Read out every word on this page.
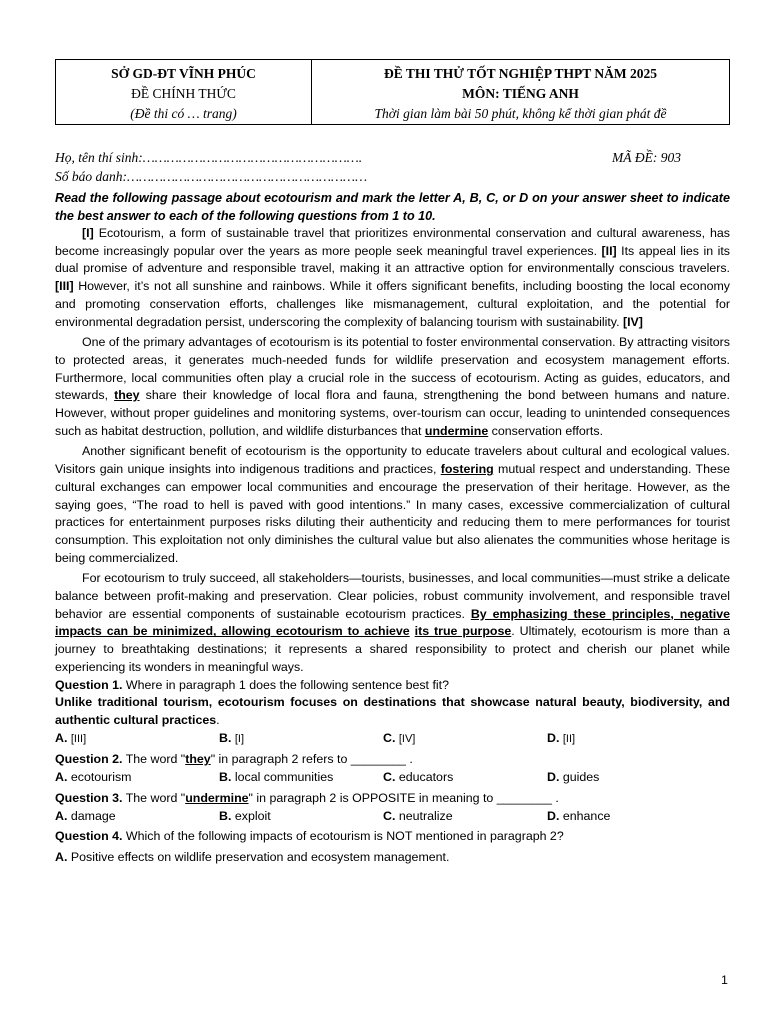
SỞ GD-ĐT VĨNH PHÚC
ĐỀ CHÍNH THỨC
(Đề thi có … trang)
ĐỀ THI THỬ TỐT NGHIỆP THPT NĂM 2025
MÔN: TIẾNG ANH
Thời gian làm bài 50 phút, không kể thời gian phát đề
Họ, tên thí sinh:……………………………………………….	MÃ ĐỀ: 903
Số báo danh:……………………………………………………

Read the following passage about ecotourism and mark the letter A, B, C, or D on your answer sheet to indicate the best answer to each of the following questions from 1 to 10.

[I] Ecotourism, a form of sustainable travel that prioritizes environmental conservation and cultural awareness, has become increasingly popular over the years as more people seek meaningful travel experiences. [II] Its appeal lies in its dual promise of adventure and responsible travel, making it an attractive option for environmentally conscious travelers. [III] However, it’s not all sunshine and rainbows. While it offers significant benefits, including boosting the local economy and promoting conservation efforts, challenges like mismanagement, cultural exploitation, and the potential for environmental degradation persist, underscoring the complexity of balancing tourism with sustainability. [IV]

One of the primary advantages of ecotourism is its potential to foster environmental conservation. By attracting visitors to protected areas, it generates much-needed funds for wildlife preservation and ecosystem management efforts. Furthermore, local communities often play a crucial role in the success of ecotourism. Acting as guides, educators, and stewards, they share their knowledge of local flora and fauna, strengthening the bond between humans and nature. However, without proper guidelines and monitoring systems, over-tourism can occur, leading to unintended consequences such as habitat destruction, pollution, and wildlife disturbances that undermine conservation efforts.

Another significant benefit of ecotourism is the opportunity to educate travelers about cultural and ecological values. Visitors gain unique insights into indigenous traditions and practices, fostering mutual respect and understanding. These cultural exchanges can empower local communities and encourage the preservation of their heritage. However, as the saying goes, “The road to hell is paved with good intentions.” In many cases, excessive commercialization of cultural practices for entertainment purposes risks diluting their authenticity and reducing them to mere performances for tourist consumption. This exploitation not only diminishes the cultural value but also alienates the communities whose heritage is being commercialized.

For ecotourism to truly succeed, all stakeholders—tourists, businesses, and local communities—must strike a delicate balance between profit-making and preservation. Clear policies, robust community involvement, and responsible travel behavior are essential components of sustainable ecotourism practices. By emphasizing these principles, negative impacts can be minimized, allowing ecotourism to achieve its true purpose. Ultimately, ecotourism is more than a journey to breathtaking destinations; it represents a shared responsibility to protect and cherish our planet while experiencing its wonders in meaningful ways.

Question 1. Where in paragraph 1 does the following sentence best fit?

Unlike traditional tourism, ecotourism focuses on destinations that showcase natural beauty, biodiversity, and authentic cultural practices.

A. [III]	B. [I]	C. [IV]	D. [II]

Question 2. The word "they" in paragraph 2 refers to ________ .

A. ecotourism	B. local communities	C. educators	D. guides

Question 3. The word "undermine" in paragraph 2 is OPPOSITE in meaning to ________ .

A. damage	B. exploit	C. neutralize	D. enhance

Question 4. Which of the following impacts of ecotourism is NOT mentioned in paragraph 2?

A. Positive effects on wildlife preservation and ecosystem management.

1
